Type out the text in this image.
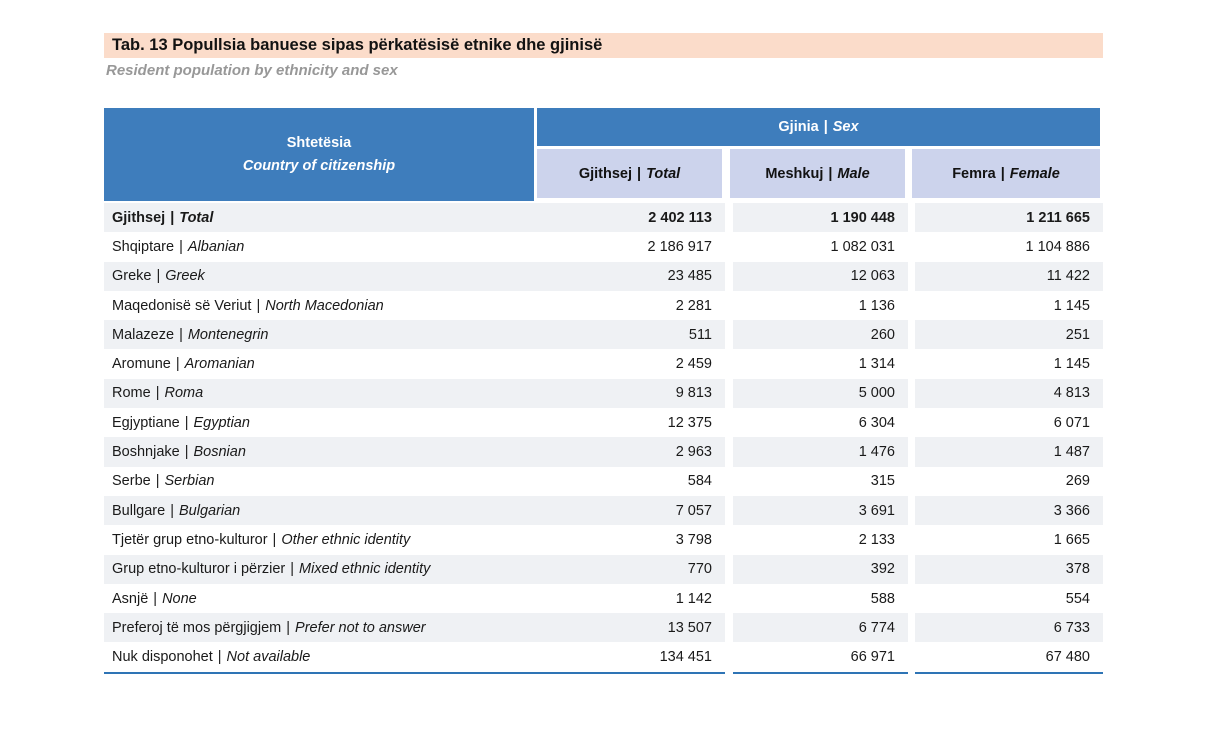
Tab. 13 Popullsia banuese sipas përkatësisë etnike dhe gjinisë
Resident population by ethnicity and sex
Shtetësia
Country of citizenship
Gjinia | Sex
Gjithsej | Total	Meshkuj | Male	Femra | Female
Gjithsej | Total	2 402 113	1 190 448	1 211 665
Shqiptare | Albanian	2 186 917	1 082 031	1 104 886
Greke | Greek	23 485	12 063	11 422
Maqedonisë së Veriut | North Macedonian	2 281	1 136	1 145
Malazeze | Montenegrin	511	260	251
Aromune | Aromanian	2 459	1 314	1 145
Rome | Roma	9 813	5 000	4 813
Egjyptiane | Egyptian	12 375	6 304	6 071
Boshnjake | Bosnian	2 963	1 476	1 487
Serbe | Serbian	584	315	269
Bullgare | Bulgarian	7 057	3 691	3 366
Tjetër grup etno-kulturor | Other ethnic identity	3 798	2 133	1 665
Grup etno-kulturor i përzier | Mixed ethnic identity	770	392	378
Asnjë | None	1 142	588	554
Preferoj të mos përgjigjem | Prefer not to answer	13 507	6 774	6 733
Nuk disponohet | Not available	134 451	66 971	67 480
